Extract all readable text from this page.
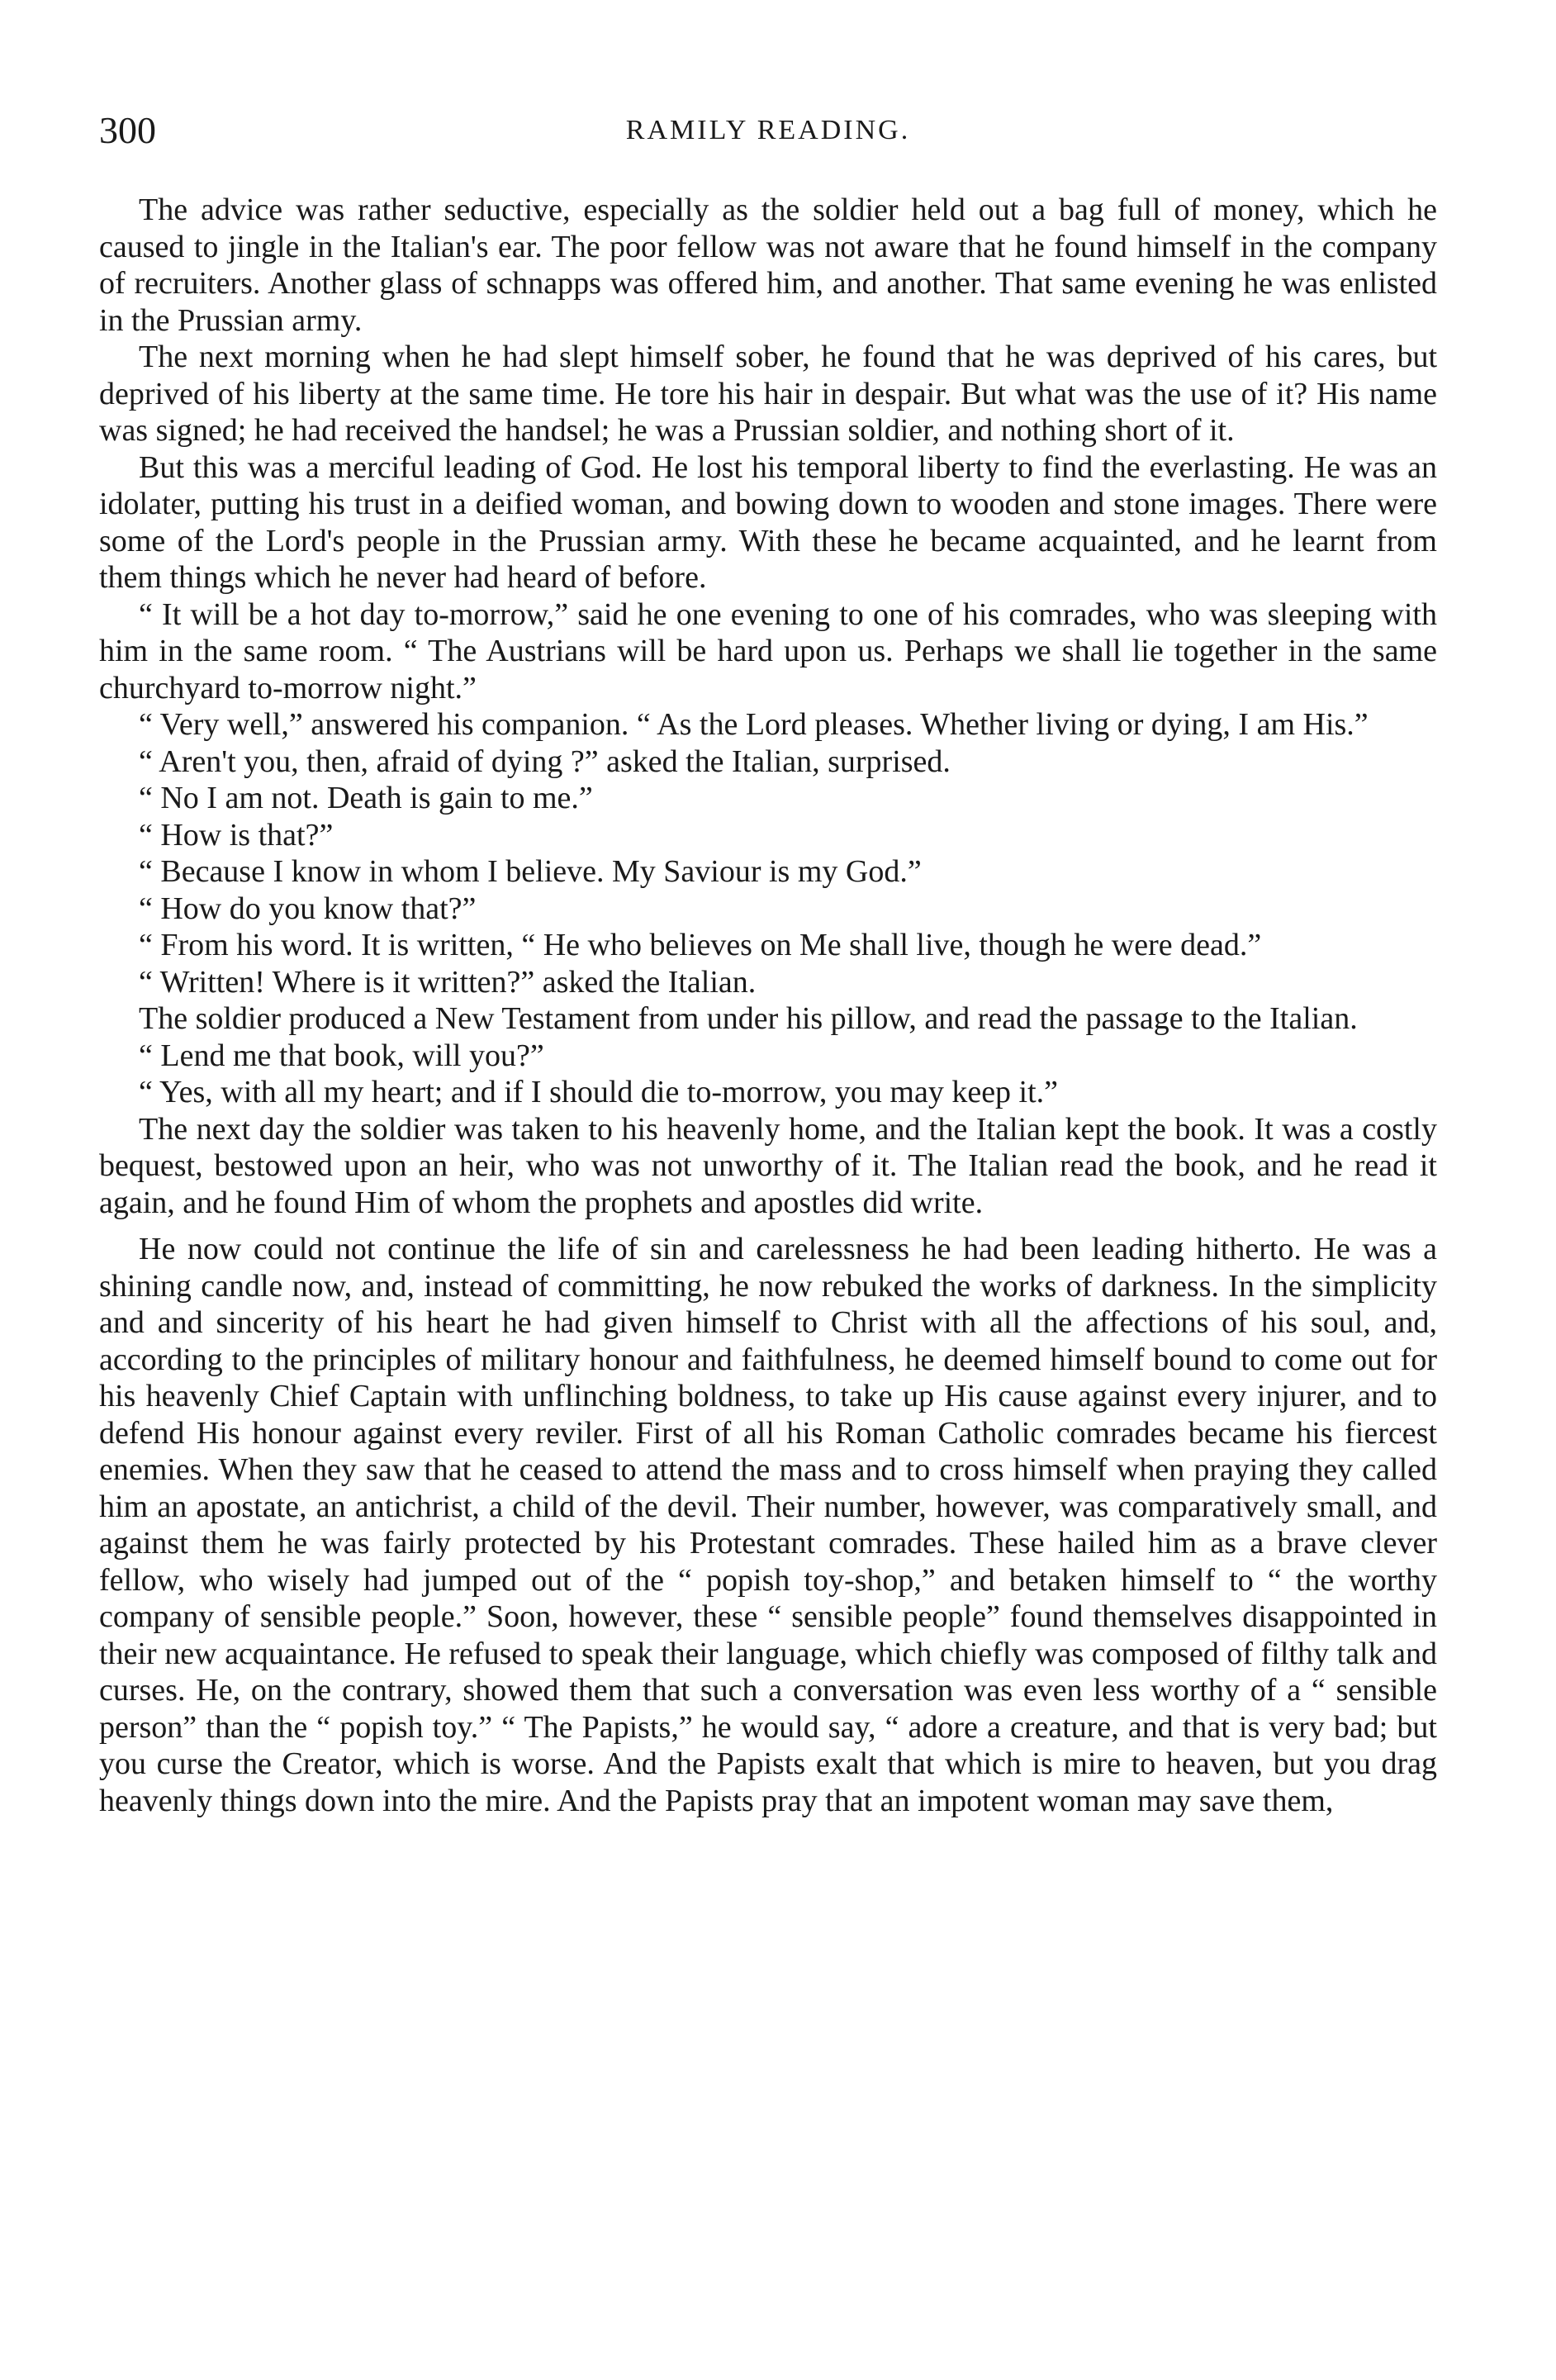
300	RAMILY READING.

The advice was rather seductive, especially as the soldier held out a bag full of money, which he caused to jingle in the Italian's ear. The poor fellow was not aware that he found himself in the company of recruiters. Another glass of schnapps was offered him, and another. That same evening he was enlisted in the Prussian army.

The next morning when he had slept himself sober, he found that he was deprived of his cares, but deprived of his liberty at the same time. He tore his hair in despair. But what was the use of it? His name was signed; he had received the handsel; he was a Prussian soldier, and nothing short of it.

But this was a merciful leading of God. He lost his temporal liberty to find the everlasting. He was an idolater, putting his trust in a deified woman, and bowing down to wooden and stone images. There were some of the Lord's people in the Prussian army. With these he became acquainted, and he learnt from them things which he never had heard of before.

“ It will be a hot day to-morrow,” said he one evening to one of his comrades, who was sleeping with him in the same room. “ The Austrians will be hard upon us. Perhaps we shall lie together in the same churchyard to-morrow night.”

“ Very well,” answered his companion. “ As the Lord pleases. Whether living or dying, I am His.”

“ Aren't you, then, afraid of dying ?” asked the Italian, surprised.

“ No I am not. Death is gain to me.”

“ How is that?”

“ Because I know in whom I believe. My Saviour is my God.”

“ How do you know that?”

“ From his word. It is written, “ He who believes on Me shall live, though he were dead.”

“ Written! Where is it written?” asked the Italian.

The soldier produced a New Testament from under his pillow, and read the passage to the Italian.

“ Lend me that book, will you?”

“ Yes, with all my heart; and if I should die to-morrow, you may keep it.”

The next day the soldier was taken to his heavenly home, and the Italian kept the book. It was a costly bequest, bestowed upon an heir, who was not unworthy of it. The Italian read the book, and he read it again, and he found Him of whom the prophets and apostles did write.

He now could not continue the life of sin and carelessness he had been leading hitherto. He was a shining candle now, and, instead of committing, he now rebuked the works of darkness. In the simplicity and and sincerity of his heart he had given himself to Christ with all the affections of his soul, and, according to the principles of military honour and faithfulness, he deemed himself bound to come out for his heavenly Chief Captain with unflinching boldness, to take up His cause against every injurer, and to defend His honour against every reviler. First of all his Roman Catholic comrades became his fiercest enemies. When they saw that he ceased to attend the mass and to cross himself when praying they called him an apostate, an antichrist, a child of the devil. Their number, however, was comparatively small, and against them he was fairly protected by his Protestant comrades. These hailed him as a brave clever fellow, who wisely had jumped out of the “ popish toy-shop,” and betaken himself to “ the worthy company of sensible people.” Soon, however, these “ sensible people” found themselves disappointed in their new acquaintance. He refused to speak their language, which chiefly was composed of filthy talk and curses. He, on the contrary, showed them that such a conversation was even less worthy of a “ sensible person” than the “ popish toy.” “ The Papists,” he would say, “ adore a creature, and that is very bad; but you curse the Creator, which is worse. And the Papists exalt that which is mire to heaven, but you drag heavenly things down into the mire. And the Papists pray that an impotent woman may save them,
